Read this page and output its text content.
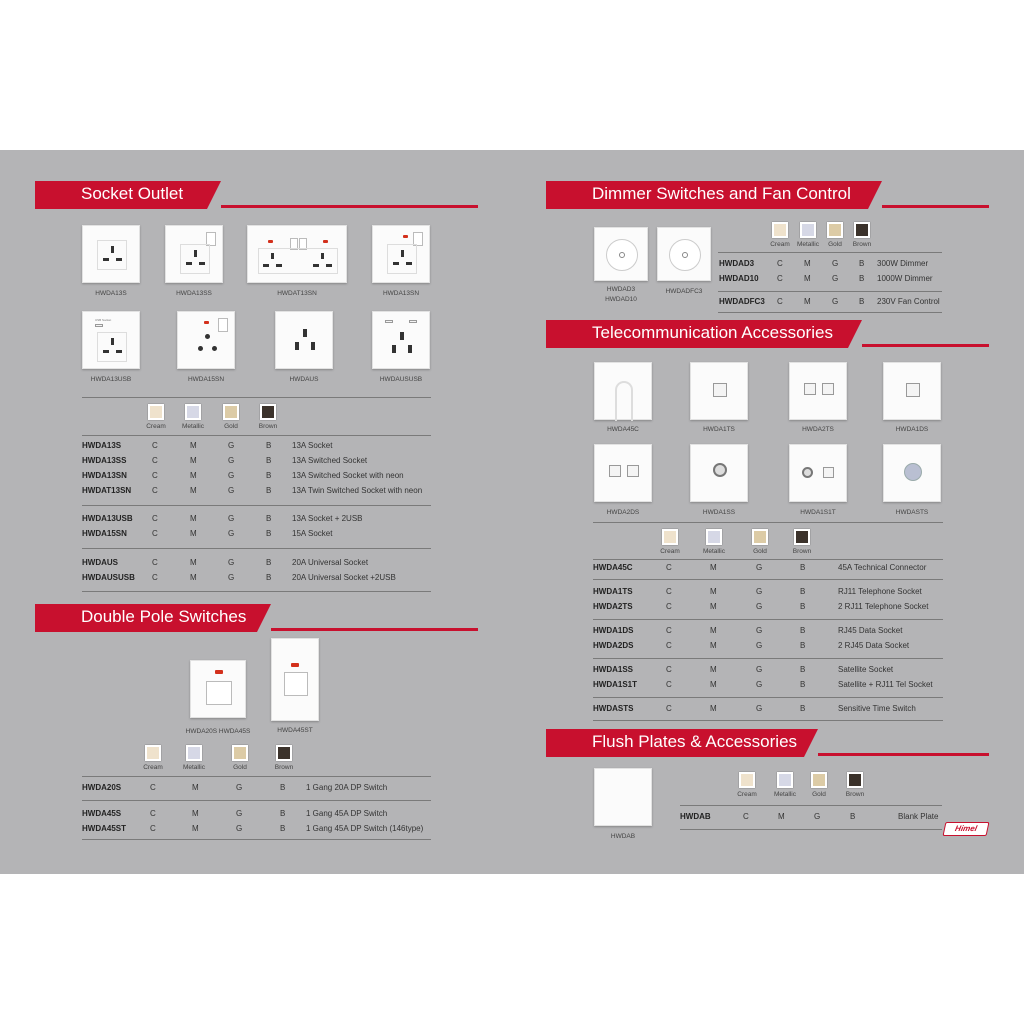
Socket Outlet
HWDA13S	HWDA13SS	HWDAT13SN	HWDA13SN
USB Socket
HWDA13USB	HWDA15SN	HWDAUS	HWDAUSUSB
Cream	Metallic	Gold	Brown
HWDA13S	C	M	G	B	13A Socket
HWDA13SS	C	M	G	B	13A Switched Socket
HWDA13SN	C	M	G	B	13A Switched Socket with neon
HWDAT13SN	C	M	G	B	13A Twin Switched Socket with neon
HWDA13USB C	M	G	B	13A Socket + 2USB
HWDA15SN	C	M	G	B	15A Socket
HWDAUS	C	M	G	B	20A Universal Socket
HWDAUSUSB C	M	G	B	20A Universal Socket +2USB
Double Pole Switches
HWDA20S HWDA45S	HWDA45ST
Cream	Metallic	Gold	Brown
HWDA20S	C	M	G	B	1 Gang 20A DP Switch
HWDA45S	C	M	G	B	1 Gang 45A DP Switch
HWDA45ST	C	M	G	B	1 Gang 45A DP Switch (146type)
Dimmer Switches and Fan Control
HWDAD3
HWDAD10
HWDADFC3
Cream	Metallic	Gold	Brown
HWDAD3	C	M	G	B 300W Dimmer
HWDAD10 C	M	G	B 1000W Dimmer
HWDADFC3 C	M	G	B 230V Fan Control
Telecommunication Accessories
HWDA45C	HWDA1TS	HWDA2TS	HWDA1DS
HWDA2DS	HWDA1SS	HWDA1S1T	HWDASTS
Cream	Metallic	Gold	Brown
HWDA45C	C	M	G	B	45A Technical Connector
HWDA1TS	C	M	G	B	RJ11 Telephone Socket
HWDA2TS	C	M	G	B	2 RJ11 Telephone Socket
HWDA1DS	C	M	G	B	RJ45 Data Socket
HWDA2DS	C	M	G	B	2 RJ45 Data Socket
HWDA1SS	C	M	G	B	Satellite Socket
HWDA1S1T	C	M	G	B	Satellite + RJ11 Tel Socket
HWDASTS	C	M	G	B	Sensitive Time Switch
Flush Plates & Accessories
HWDAB
Cream	Metallic	Gold	Brown
HWDAB	C	M	G	B	Blank Plate
Himel
